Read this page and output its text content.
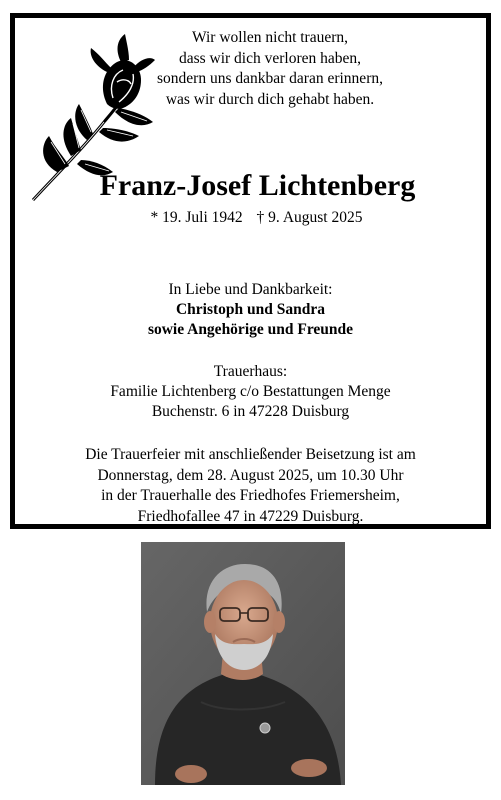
Wir wollen nicht trauern,
dass wir dich verloren haben,
sondern uns dankbar daran erinnern,
was wir durch dich gehabt haben.
Franz-Josef Lichtenberg
* 19. Juli 1942 † 9. August 2025
In Liebe und Dankbarkeit:
Christoph und Sandra
sowie Angehörige und Freunde
Trauerhaus:
Familie Lichtenberg c/o Bestattungen Menge
Buchenstr. 6 in 47228 Duisburg
Die Trauerfeier mit anschließender Beisetzung ist am
Donnerstag, dem 28. August 2025, um 10.30 Uhr
in der Trauerhalle des Friedhofes Friemersheim,
Friedhofallee 47 in 47229 Duisburg.
